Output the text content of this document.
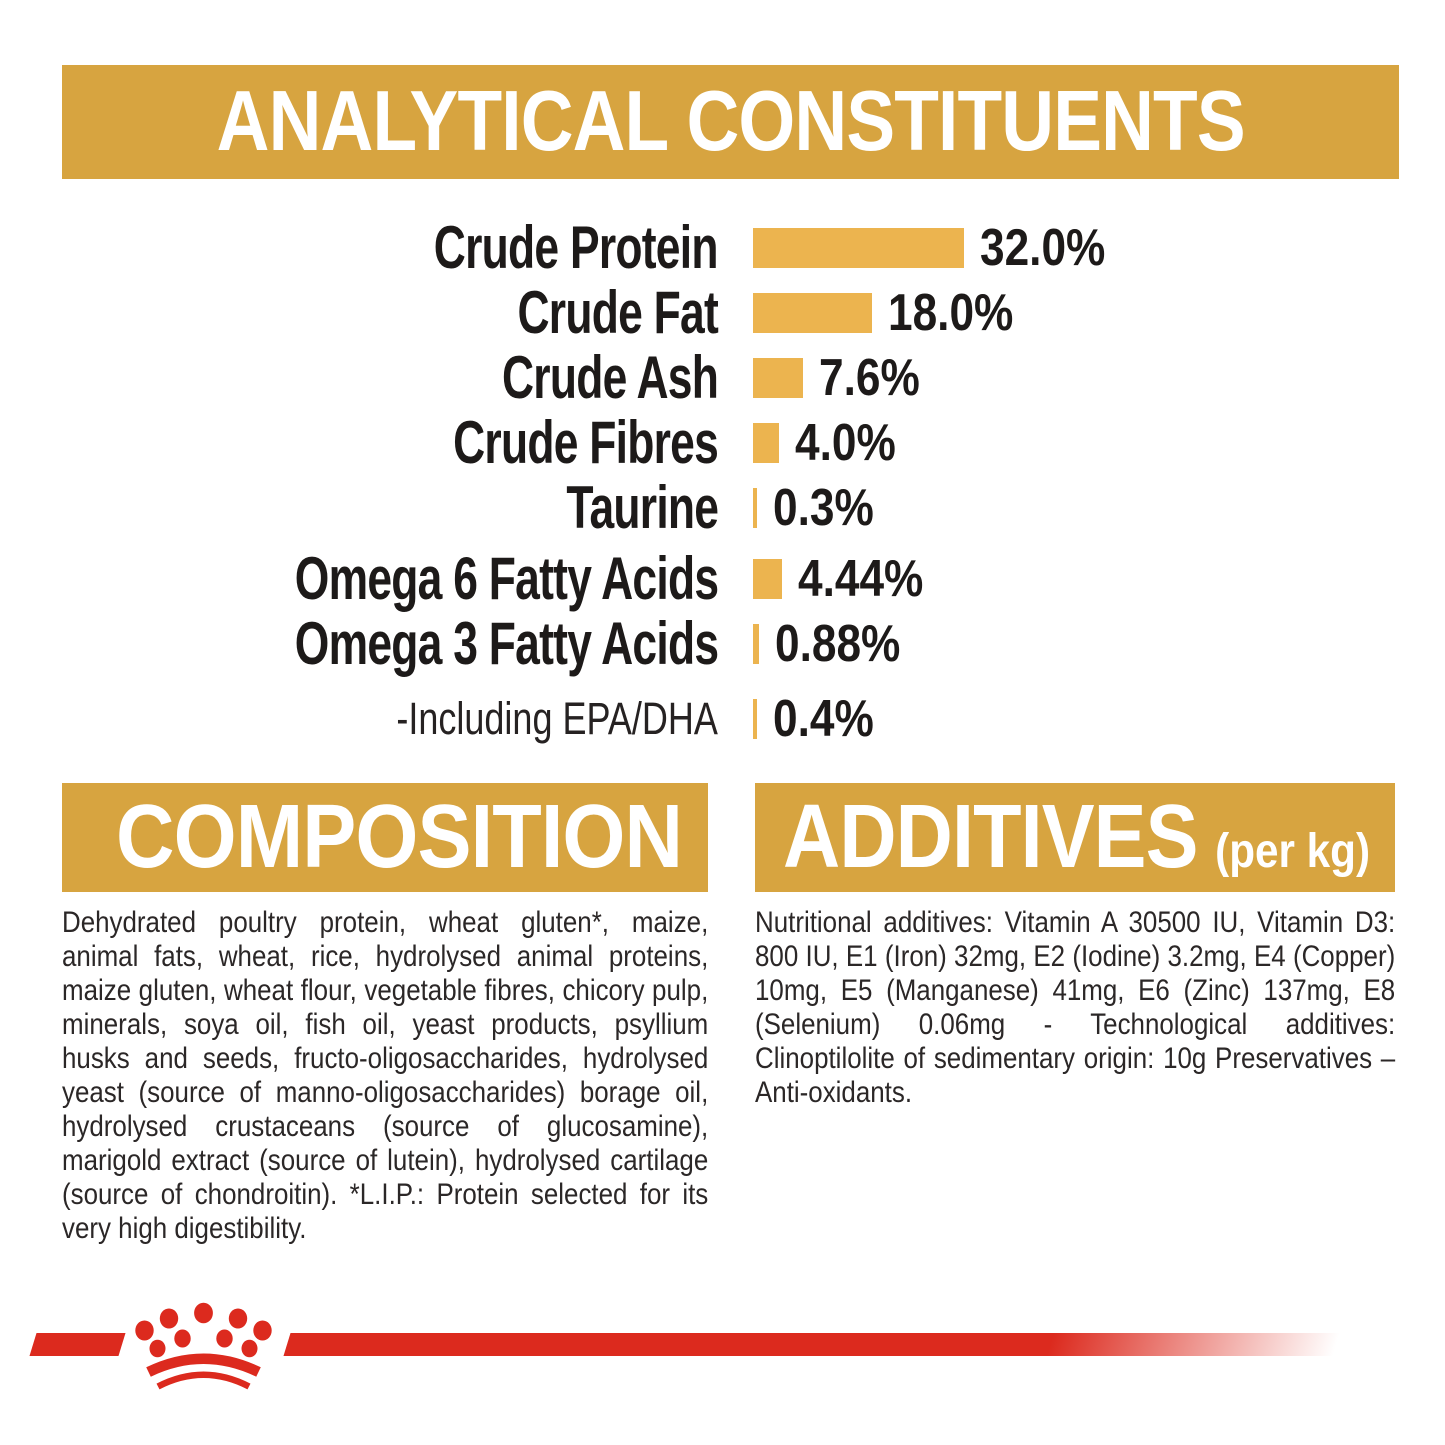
ANALYTICAL CONSTITUENTS
Crude Protein	32.0%
Crude Fat	18.0%
Crude Ash 7.6%
Crude Fibres 4.0%
Taurine 0.3%
Omega 6 Fatty Acids 4.44%
Omega 3 Fatty Acids 0.88%
-Including EPA/DHA 0.4%
COMPOSITION
Dehydrated poultry protein, wheat gluten*, maize, animal fats, wheat, rice, hydrolysed animal proteins, maize gluten, wheat flour, vegetable fibres, chicory pulp, minerals, soya oil, fish oil, yeast products, psyllium husks and seeds, fructo-oligosaccharides, hydrolysed yeast (source of manno-oligosaccharides) borage oil, hydrolysed crustaceans (source of glucosamine), marigold extract (source of lutein), hydrolysed cartilage (source of chondroitin). *L.I.P.: Protein selected for its very high digestibility.
ADDITIVES (per kg)
Nutritional additives: Vitamin A 30500 IU, Vitamin D3: 800 IU, E1 (Iron) 32mg, E2 (Iodine) 3.2mg, E4 (Copper) 10mg, E5 (Manganese) 41mg, E6 (Zinc) 137mg, E8 (Selenium) 0.06mg - Technological additives: Clinoptilolite of sedimentary origin: 10g Preservatives – Anti-oxidants.
